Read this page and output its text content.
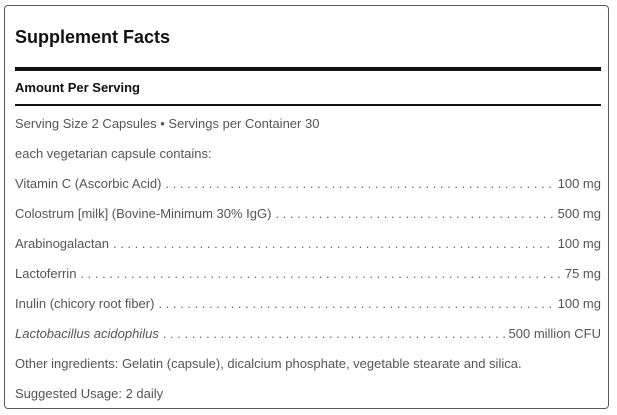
Supplement Facts
Amount Per Serving
Serving Size 2 Capsules • Servings per Container 30
each vegetarian capsule contains:
Vitamin C (Ascorbic Acid) . . .	100 mg
Colostrum [milk] (Bovine-Minimum 30% IgG) . . .	500 mg
Arabinogalactan . . .	100 mg
Lactoferrin . . .	75 mg
Inulin (chicory root fiber) . . .	100 mg
Lactobacillus acidophilus . . .	500 million CFU
Other ingredients: Gelatin (capsule), dicalcium phosphate, vegetable stearate and silica.
Suggested Usage: 2 daily
